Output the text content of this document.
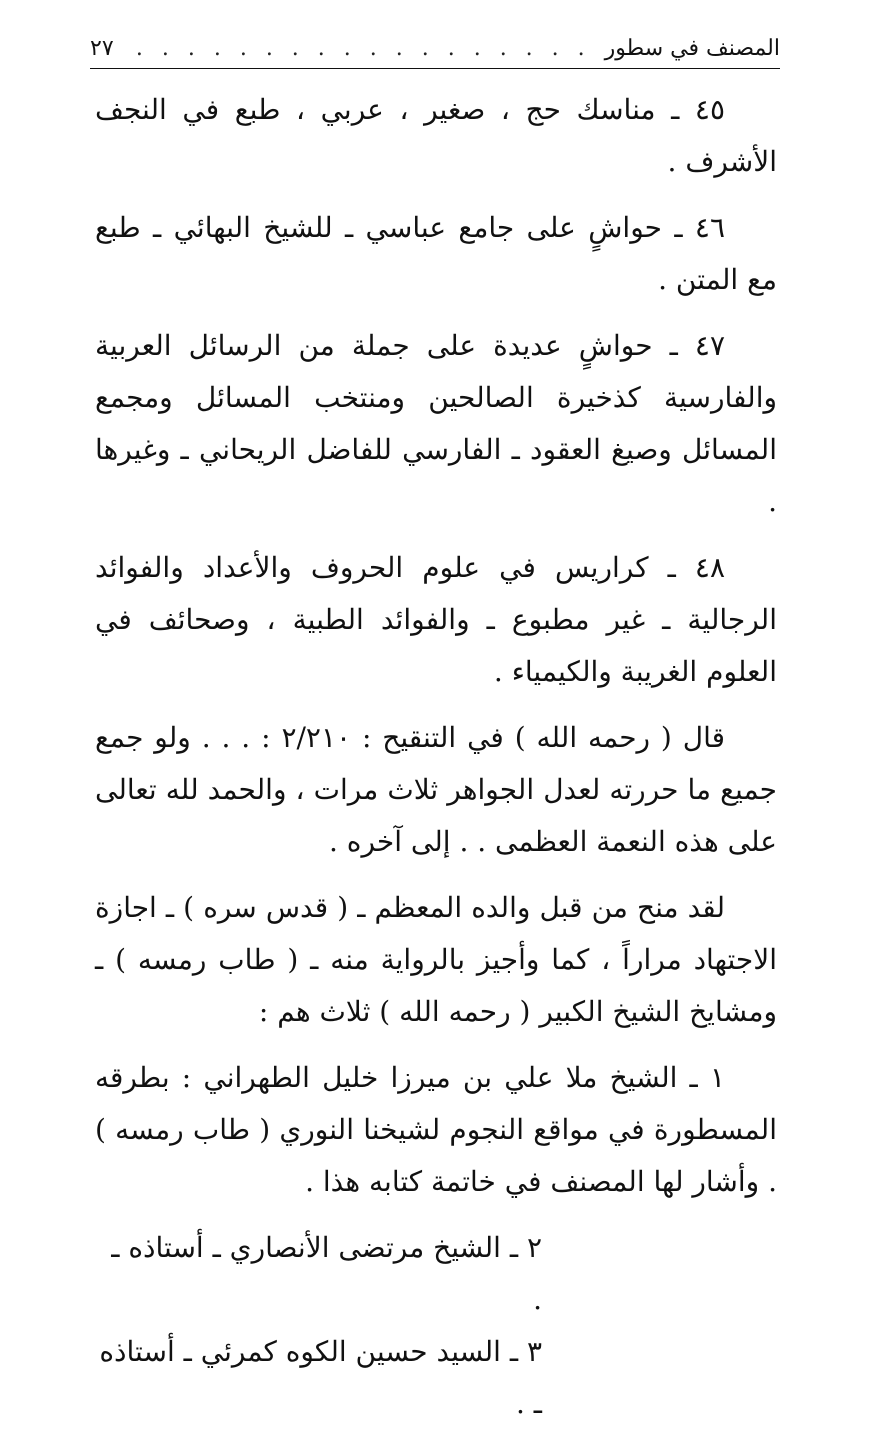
المصنف في سطور
. . . . . . . . . . . . . . . . . .
٢٧

٤٥ ـ مناسك حج ، صغير ، عربي ، طبع في النجف الأشرف .

٤٦ ـ حواشٍ على جامع عباسي ـ للشيخ البهائي ـ طبع مع المتن .

٤٧ ـ حواشٍ عديدة على جملة من الرسائل العربية والفارسية كذخيرة الصالحين ومنتخب المسائل ومجمع المسائل وصيغ العقود ـ الفارسي للفاضل الريحاني ـ وغيرها .

٤٨ ـ كراريس في علوم الحروف والأعداد والفوائد الرجالية ـ غير مطبوع ـ والفوائد الطبية ، وصحائف في العلوم الغريبة والكيمياء .

قال ( رحمه الله ) في التنقيح : ٢/٢١٠ : . . . ولو جمع جميع ما حررته لعدل الجواهر ثلاث مرات ، والحمد لله تعالى على هذه النعمة العظمى . . إلى آخره .

لقد منح من قبل والده المعظم ـ ( قدس سره ) ـ اجازة الاجتهاد مراراً ، كما وأجيز بالرواية منه ـ ( طاب رمسه ) ـ ومشايخ الشيخ الكبير ( رحمه الله ) ثلاث هم :

١ ـ الشيخ ملا علي بن ميرزا خليل الطهراني : بطرقه المسطورة في مواقع النجوم لشيخنا النوري ( طاب رمسه ) . وأشار لها المصنف في خاتمة كتابه هذا .

٢ ـ الشيخ مرتضى الأنصاري ـ أستاذه ـ .

٣ ـ السيد حسين الكوه كمرئي ـ أستاذه ـ .
